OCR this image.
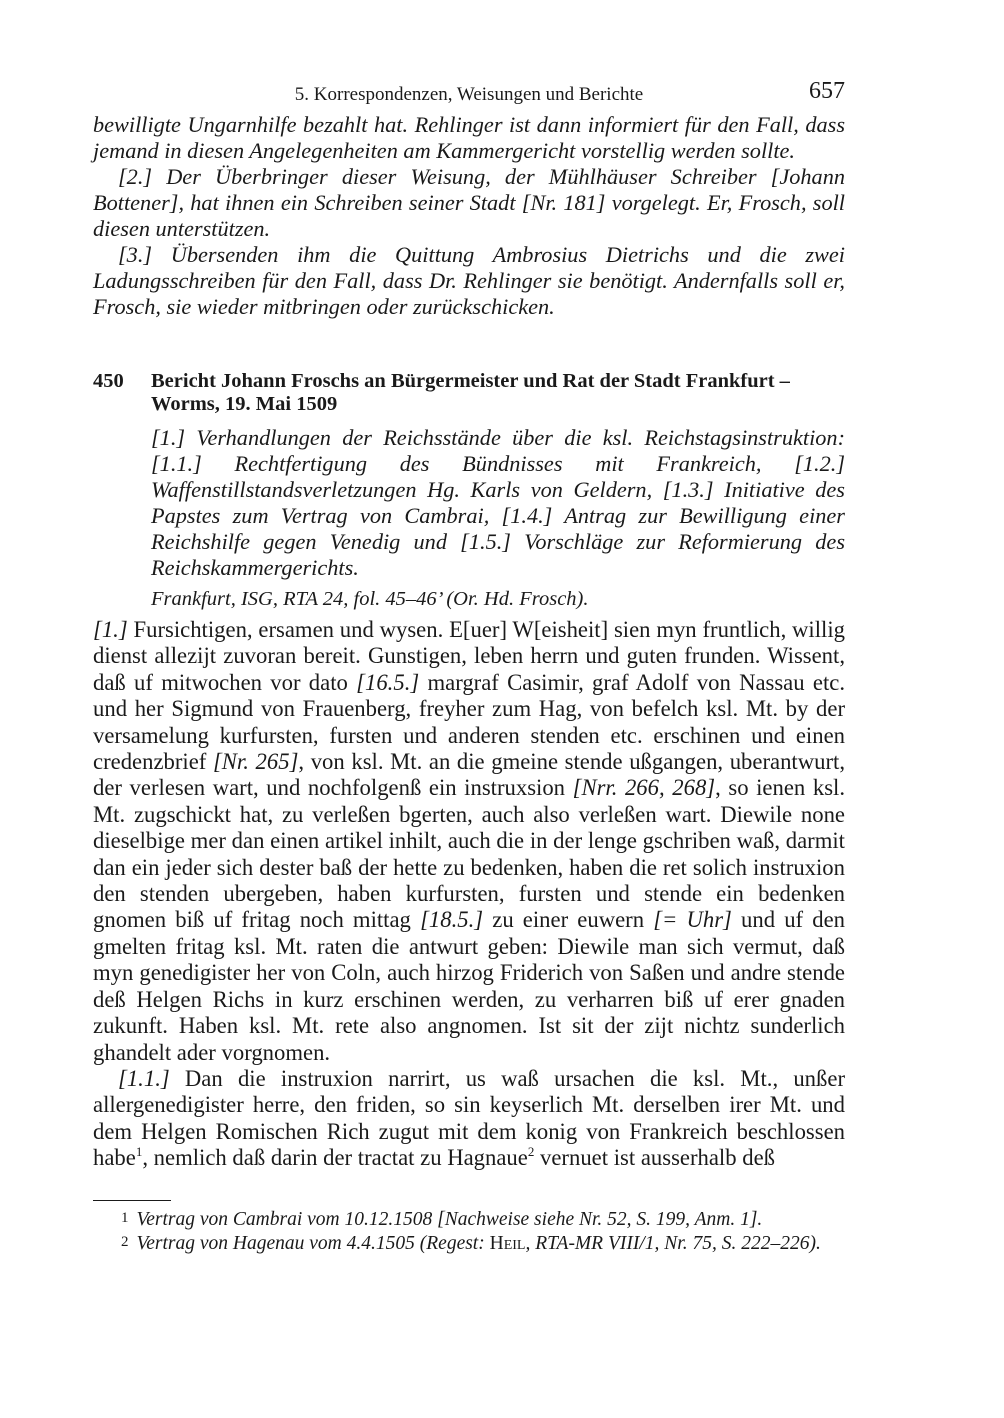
5. Korrespondenzen, Weisungen und Berichte	657

bewilligte Ungarnhilfe bezahlt hat. Rehlinger ist dann informiert für den Fall, dass jemand in diesen Angelegenheiten am Kammergericht vorstellig werden sollte.

[2.] Der Überbringer dieser Weisung, der Mühlhäuser Schreiber [Johann Bottener], hat ihnen ein Schreiben seiner Stadt [Nr. 181] vorgelegt. Er, Frosch, soll diesen unterstützen.

[3.] Übersenden ihm die Quittung Ambrosius Dietrichs und die zwei Ladungsschreiben für den Fall, dass Dr. Rehlinger sie benötigt. Andernfalls soll er, Frosch, sie wieder mitbringen oder zurückschicken.

450	Bericht Johann Froschs an Bürgermeister und Rat der Stadt Frankfurt – Worms, 19. Mai 1509
[1.] Verhandlungen der Reichsstände über die ksl. Reichstagsinstruktion: [1.1.] Rechtfertigung des Bündnisses mit Frankreich, [1.2.] Waffenstillstandsverletzungen Hg. Karls von Geldern, [1.3.] Initiative des Papstes zum Vertrag von Cambrai, [1.4.] Antrag zur Bewilligung einer Reichshilfe gegen Venedig und [1.5.] Vorschläge zur Reformierung des Reichskammergerichts.
Frankfurt, ISG, RTA 24, fol. 45–46’ (Or. Hd. Frosch).

[1.] Fursichtigen, ersamen und wysen. E[uer] W[eisheit] sien myn fruntlich, willig dienst allezijt zuvoran bereit. Gunstigen, leben herrn und guten frunden. Wissent, daß uf mitwochen vor dato [16.5.] margraf Casimir, graf Adolf von Nassau etc. und her Sigmund von Frauenberg, freyher zum Hag, von befelch ksl. Mt. by der versamelung kurfursten, fursten und anderen stenden etc. erschinen und einen credenzbrief [Nr. 265], von ksl. Mt. an die gmeine stende ußgangen, uberantwurt, der verlesen wart, und nochfolgenß ein instruxsion [Nrr. 266, 268], so ienen ksl. Mt. zugschickt hat, zu verleßen bgerten, auch also verleßen wart. Diewile none dieselbige mer dan einen artikel inhilt, auch die in der lenge gschriben waß, darmit dan ein jeder sich dester baß der hette zu bedenken, haben die ret solich instruxion den stenden ubergeben, haben kurfursten, fursten und stende ein bedenken gnomen biß uf fritag noch mittag [18.5.] zu einer euwern [= Uhr] und uf den gmelten fritag ksl. Mt. raten die antwurt geben: Diewile man sich vermut, daß myn genedigister her von Coln, auch hirzog Friderich von Saßen und andre stende deß Helgen Richs in kurz erschinen werden, zu verharren biß uf erer gnaden zukunft. Haben ksl. Mt. rete also angnomen. Ist sit der zijt nichtz sunderlich ghandelt ader vorgnomen.

[1.1.] Dan die instruxion narrirt, us waß ursachen die ksl. Mt., unßer allergenedigister herre, den friden, so sin keyserlich Mt. derselben irer Mt. und dem Helgen Romischen Rich zugut mit dem konig von Frankreich beschlossen habe$^1$, nemlich daß darin der tractat zu Hagnaue$^2$ vernuet ist ausserhalb deß

1 Vertrag von Cambrai vom 10.12.1508 [Nachweise siehe Nr. 52, S. 199, Anm. 1].

2 Vertrag von Hagenau vom 4.4.1505 (Regest: Heil, RTA-MR VIII/1, Nr. 75, S. 222–226).
